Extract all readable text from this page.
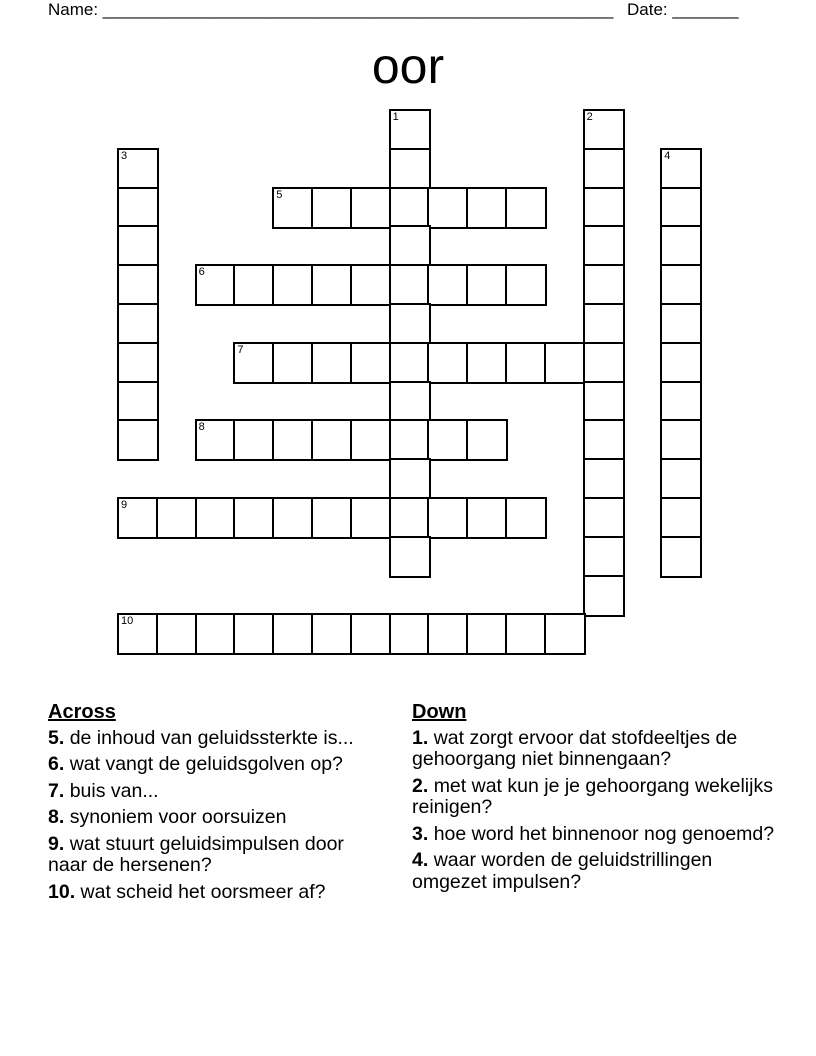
Name: ______________________________________________________ Date: _______
oor
1	2
3	4
5
6
7
8
9
10
Across
5. de inhoud van geluidssterkte is...
6. wat vangt de geluidsgolven op?
7. buis van...
8. synoniem voor oorsuizen
9. wat stuurt geluidsimpulsen door naar de hersenen?
10. wat scheid het oorsmeer af?
Down
1. wat zorgt ervoor dat stofdeeltjes de gehoorgang niet binnengaan?
2. met wat kun je je gehoorgang wekelijks reinigen?
3. hoe word het binnenoor nog genoemd?
4. waar worden de geluidstrillingen omgezet impulsen?
